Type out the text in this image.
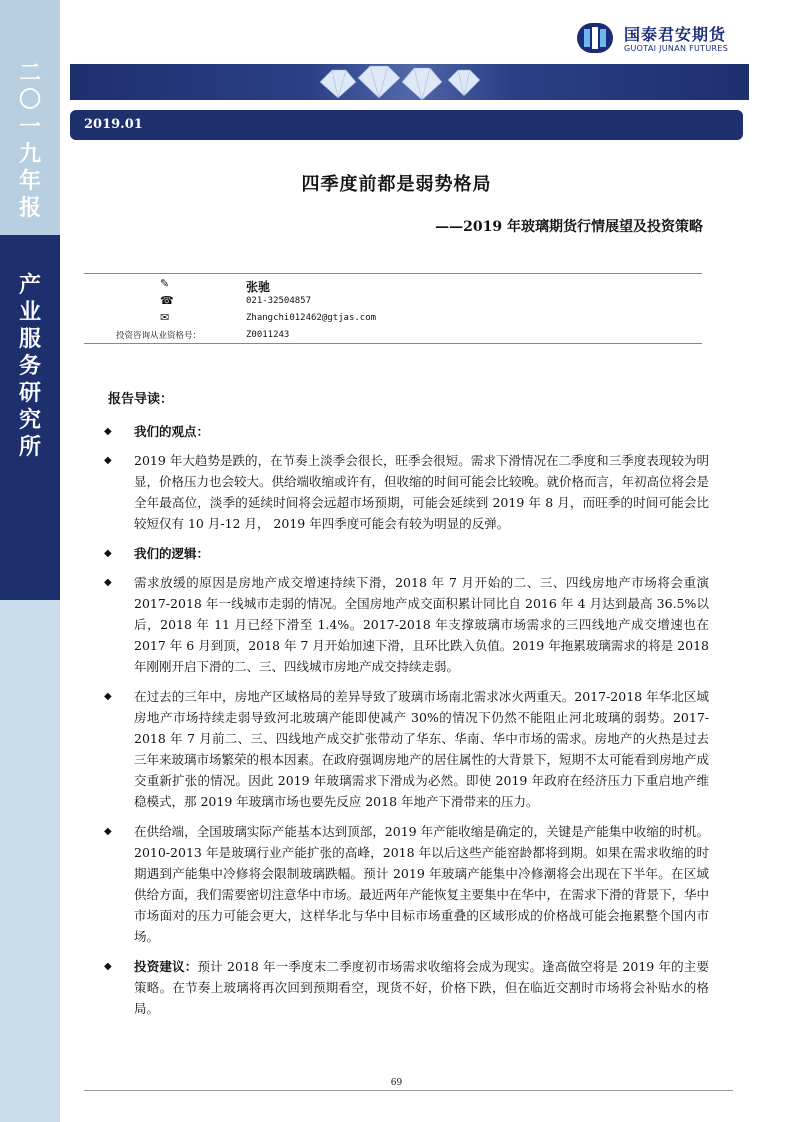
二〇一九年报
产业服务研究所
国泰君安期货
GUOTAI JUNAN FUTURES
2019.01
四季度前都是弱势格局
——2019 年玻璃期货行情展望及投资策略
✎	张驰
☎	021-32504857
✉	Zhangchi012462@gtjas.com
投资咨询从业资格号：	Z0011243
报告导读：
◆ 我们的观点：
◆ 2019 年大趋势是跌的，在节奏上淡季会很长，旺季会很短。需求下滑情况在二季度和三季度表现较为明显，价格压力也会较大。供给端收缩或许有，但收缩的时间可能会比较晚。就价格而言，年初高位将会是全年最高位，淡季的延续时间将会远超市场预期，可能会延续到 2019 年 8 月，而旺季的时间可能会比较短仅有 10 月-12 月， 2019 年四季度可能会有较为明显的反弹。
◆ 我们的逻辑：
◆ 需求放缓的原因是房地产成交增速持续下滑，2018 年 7 月开始的二、三、四线房地产市场将会重演 2017-2018 年一线城市走弱的情况。全国房地产成交面积累计同比自 2016 年 4 月达到最高 36.5%以后，2018 年 11 月已经下滑至 1.4%。2017-2018 年支撑玻璃市场需求的三四线地产成交增速也在 2017 年 6 月到顶，2018 年 7 月开始加速下滑，且环比跌入负值。2019 年拖累玻璃需求的将是 2018 年刚刚开启下滑的二、三、四线城市房地产成交持续走弱。
◆ 在过去的三年中，房地产区域格局的差异导致了玻璃市场南北需求冰火两重天。2017-2018 年华北区域房地产市场持续走弱导致河北玻璃产能即使减产 30%的情况下仍然不能阻止河北玻璃的弱势。2017-2018 年 7 月前二、三、四线地产成交扩张带动了华东、华南、华中市场的需求。房地产的火热是过去三年来玻璃市场繁荣的根本因素。在政府强调房地产的居住属性的大背景下，短期不太可能看到房地产成交重新扩张的情况。因此 2019 年玻璃需求下滑成为必然。即使 2019 年政府在经济压力下重启地产维稳模式，那 2019 年玻璃市场也要先反应 2018 年地产下滑带来的压力。
◆ 在供给端，全国玻璃实际产能基本达到顶部，2019 年产能收缩是确定的，关键是产能集中收缩的时机。2010-2013 年是玻璃行业产能扩张的高峰，2018 年以后这些产能窑龄都将到期。如果在需求收缩的时期遇到产能集中冷修将会限制玻璃跌幅。预计 2019 年玻璃产能集中冷修潮将会出现在下半年。在区域供给方面，我们需要密切注意华中市场。最近两年产能恢复主要集中在华中，在需求下滑的背景下，华中市场面对的压力可能会更大，这样华北与华中目标市场重叠的区域形成的价格战可能会拖累整个国内市场。
◆ 投资建议：预计 2018 年一季度末二季度初市场需求收缩将会成为现实。逢高做空将是 2019 年的主要策略。在节奏上玻璃将再次回到预期看空，现货不好，价格下跌，但在临近交割时市场将会补贴水的格局。
69
